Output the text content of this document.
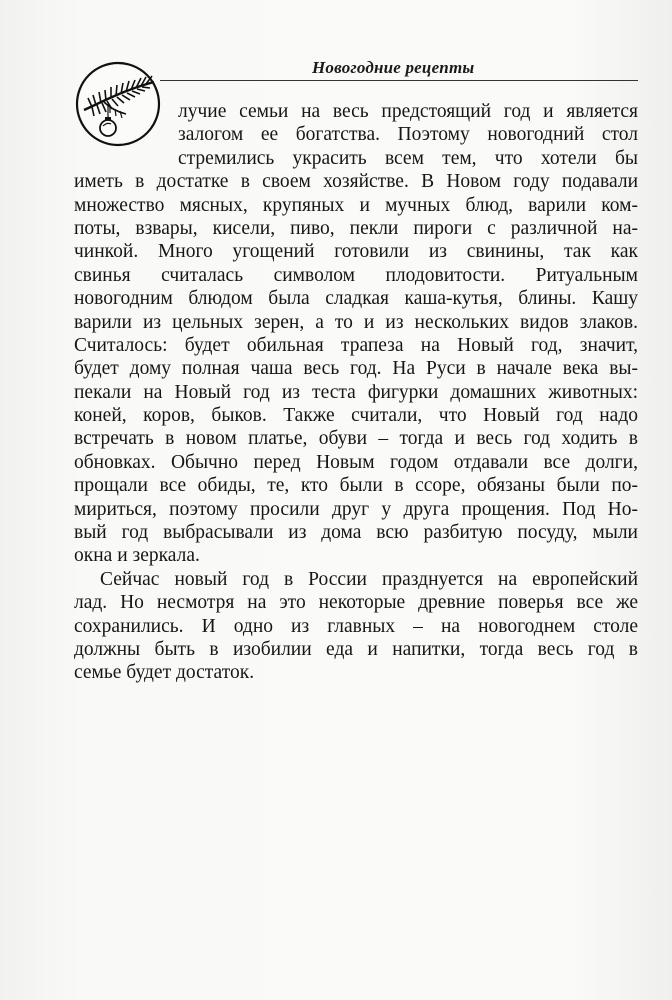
Новогодние рецепты
лучие семьи на весь предстоящий год и является
залогом ее богатства. Поэтому новогодний стол
стремились украсить всем тем, что хотели бы
иметь в достатке в своем хозяйстве. В Новом году подавали
множество мясных, крупяных и мучных блюд, варили ком-
поты, взвары, кисели, пиво, пекли пироги с различной на-
чинкой. Много угощений готовили из свинины, так как
свинья считалась символом плодовитости. Ритуальным
новогодним блюдом была сладкая каша-кутья, блины. Кашу
варили из цельных зерен, а то и из нескольких видов злаков.
Считалось: будет обильная трапеза на Новый год, значит,
будет дому полная чаша весь год. На Руси в начале века вы-
пекали на Новый год из теста фигурки домашних животных:
коней, коров, быков. Также считали, что Новый год надо
встречать в новом платье, обуви – тогда и весь год ходить в
обновках. Обычно перед Новым годом отдавали все долги,
прощали все обиды, те, кто были в ссоре, обязаны были по-
мириться, поэтому просили друг у друга прощения. Под Но-
вый год выбрасывали из дома всю разбитую посуду, мыли
окна и зеркала.
Сейчас новый год в России празднуется на европейский
лад. Но несмотря на это некоторые древние поверья все же
сохранились. И одно из главных – на новогоднем столе
должны быть в изобилии еда и напитки, тогда весь год в
семье будет достаток.
